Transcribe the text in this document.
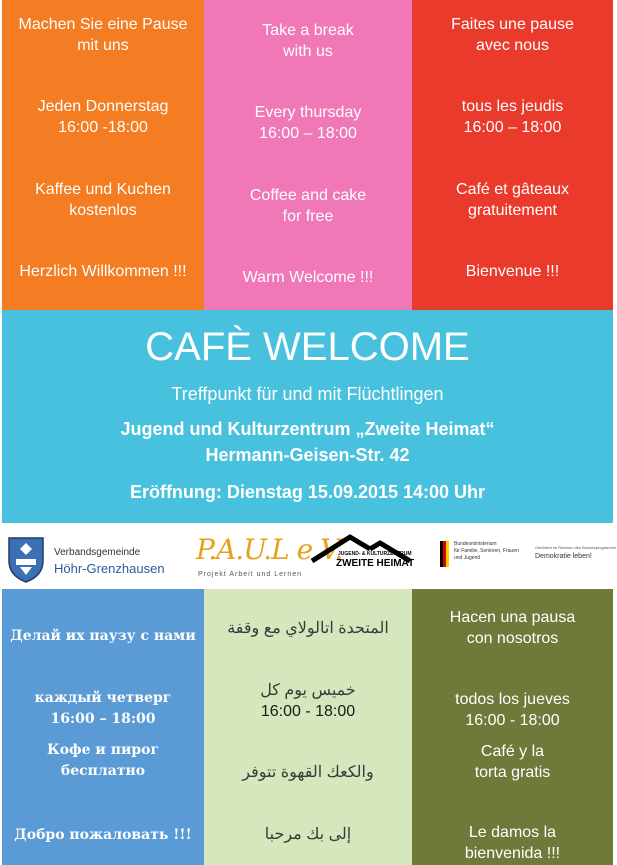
Machen Sie eine Pause
mit uns
Jeden Donnerstag
16:00 -18:00
Kaffee und Kuchen
kostenlos
Herzlich Willkommen !!!
Take a break
with us
Every thursday
16:00 – 18:00
Coffee and cake
for free
Warm Welcome !!!
Faites une pause
avec nous
tous les jeudis
16:00 – 18:00
Café et gâteaux
gratuitement
Bienvenue !!!
CAFÈ WELCOME
Treffpunkt für und mit Flüchtlingen
Jugend und Kulturzentrum „Zweite Heimat“
Hermann-Geisen-Str. 42
Eröffnung: Dienstag 15.09.2015 14:00 Uhr
Verbandsgemeinde
Höhr-Grenzhausen
P.A.U.L e.V.
Projekt Arbeit und Lernen
JUGEND- & KULTURZENTRUM
ZWEITE HEIMAT
Bundesministerium
für Familie, Senioren, Frauen
und Jugend
Gefördert im Rahmen des Bundesprogramms
Demokratie leben!
Делай их паузу с нами
каждый четверг
16:00 – 18:00
Кофе и пирог
бесплатно
Добро пожаловать !!!
المتحدة اتالولاي مع وقفة
خميس يوم كل
16:00 - 18:00
والكعك القهوة تتوفر
إلى بك مرحبا
Hacen una pausa
con nosotros
todos los jueves
16:00 - 18:00
Café y la
torta gratis
Le damos la
bienvenida !!!
